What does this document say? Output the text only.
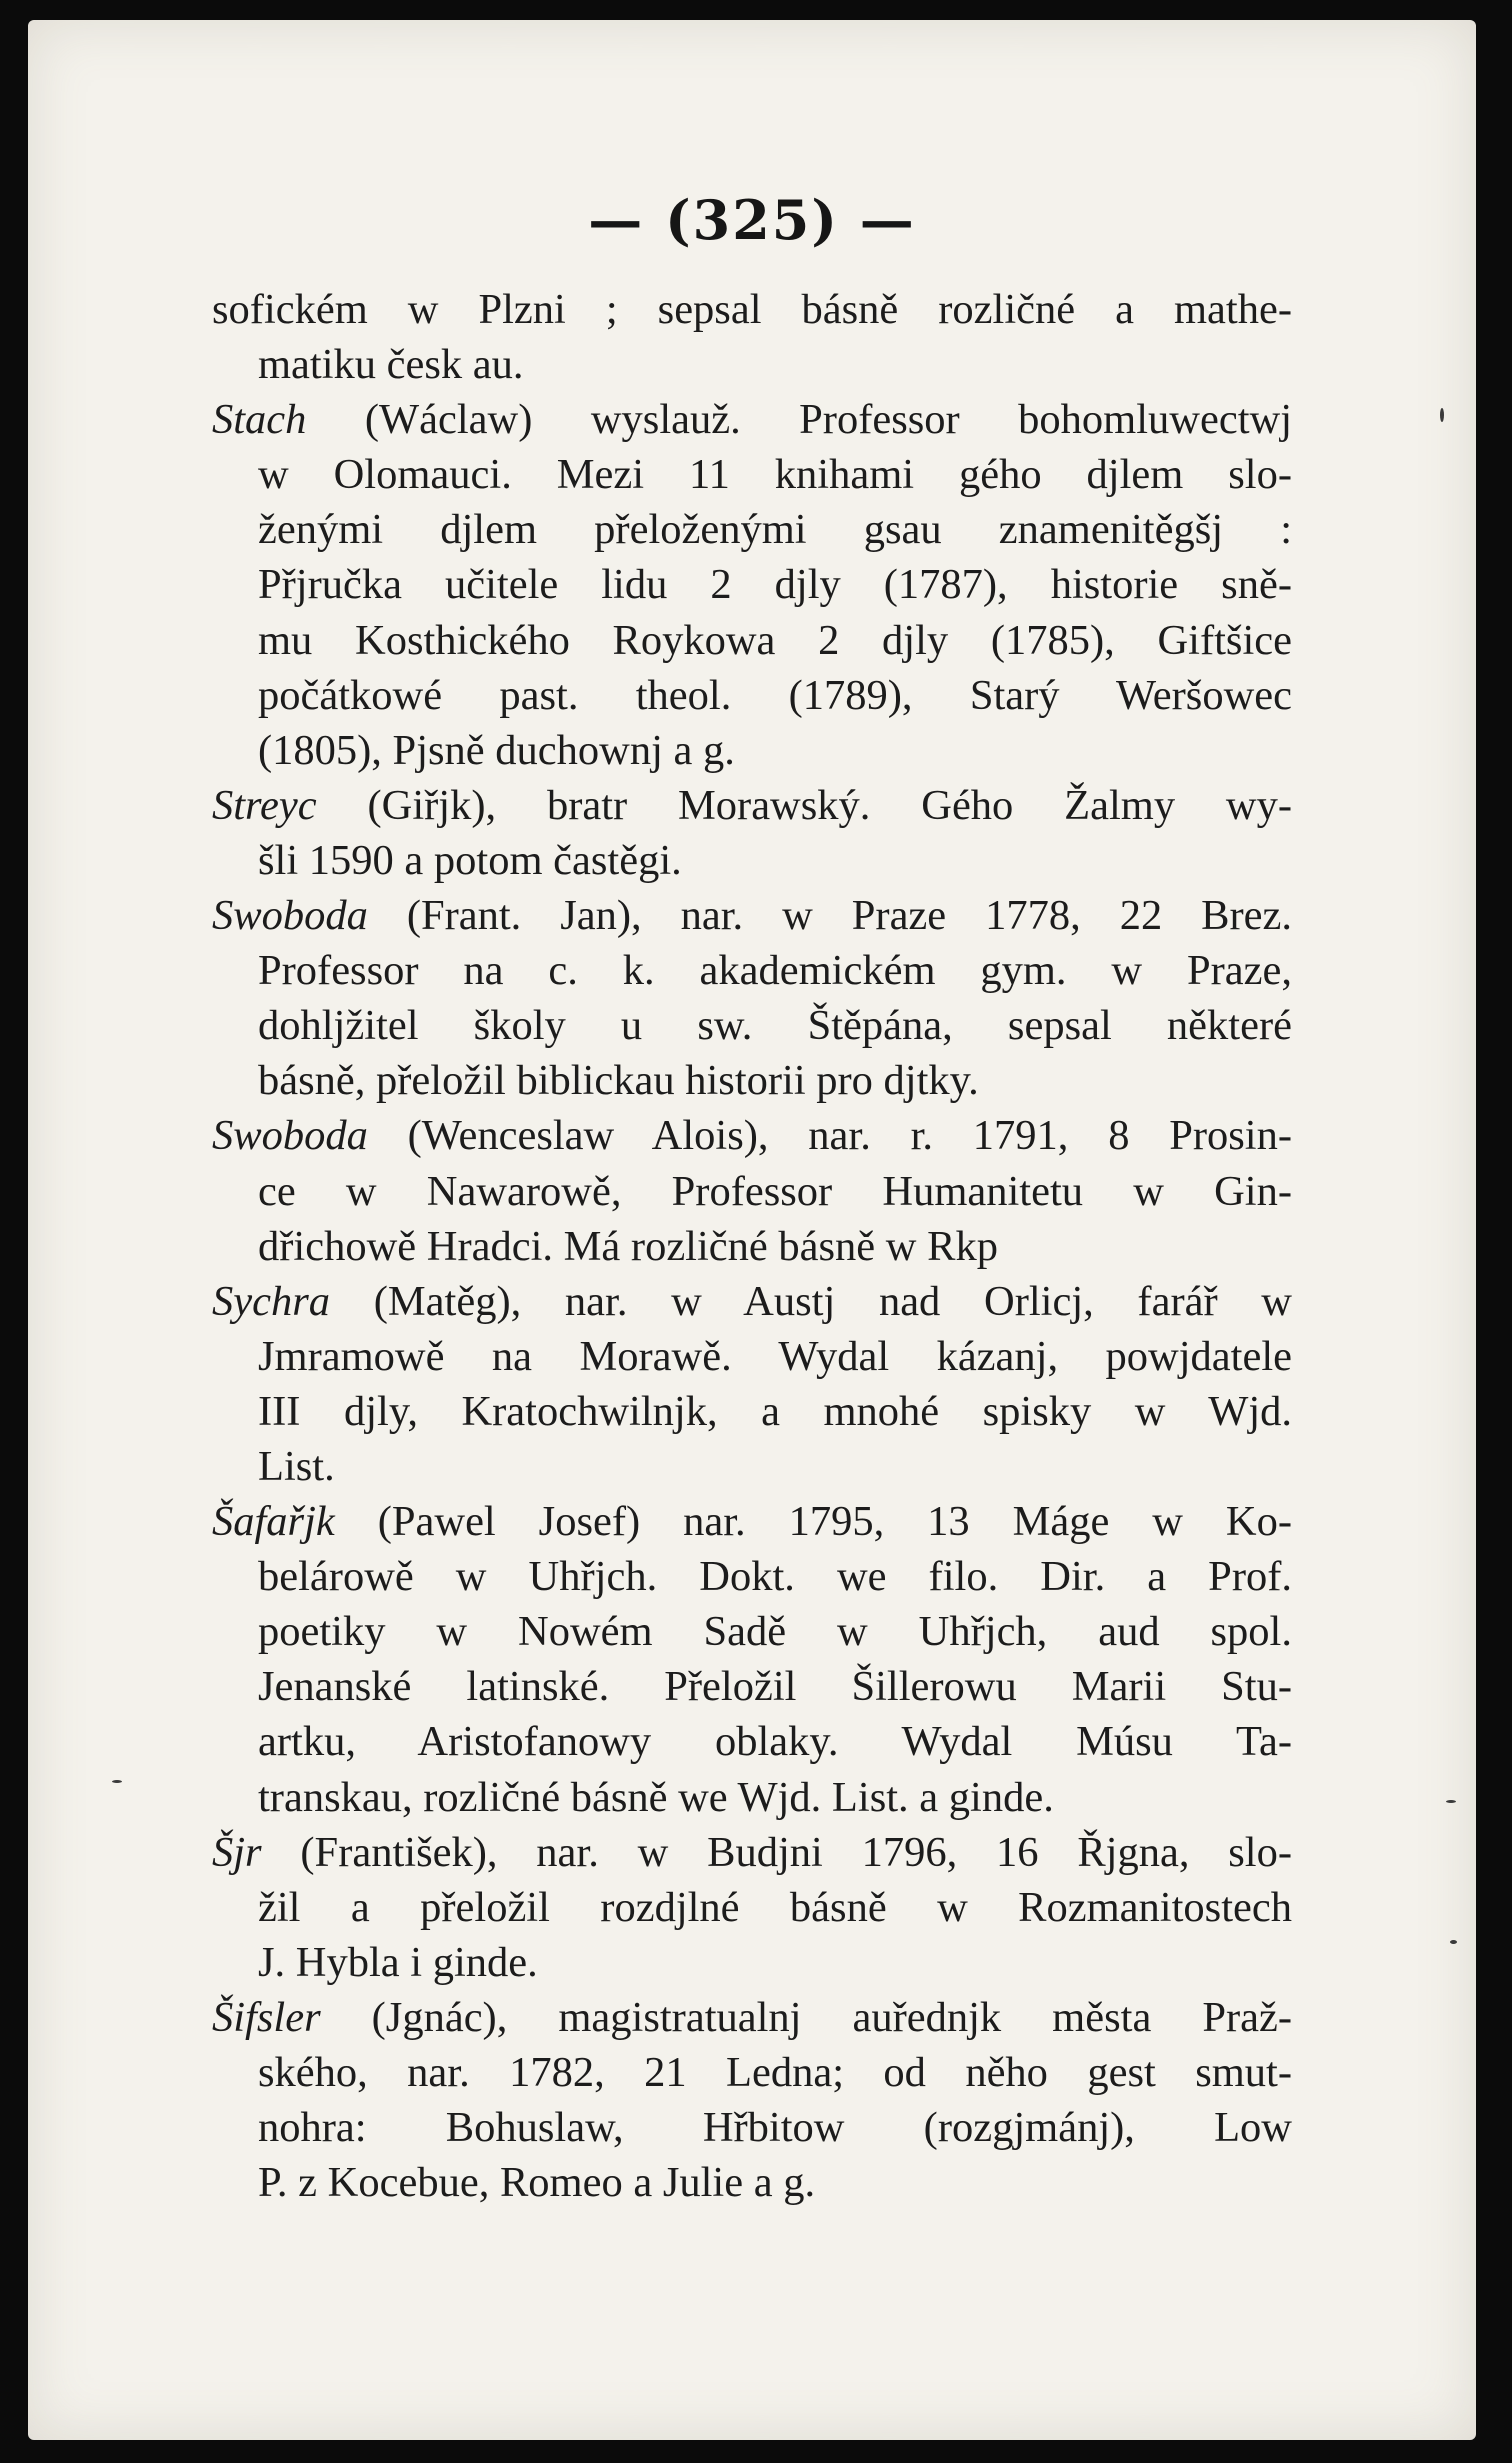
— (325) —
sofickém w Plzni ; sepsal básně rozličné a mathe-
matiku česk au.
Stach (Wáclaw) wyslauž. Professor bohomluwectwj
w Olomauci. Mezi 11 knihami gého djlem slo-
ženými djlem přeloženými gsau znamenitěgšj :
Přjručka učitele lidu 2 djly (1787), historie sně-
mu Kosthického Roykowa 2 djly (1785), Giftšice
počátkowé past. theol. (1789), Starý Weršowec
(1805), Pjsně duchownj a g.
Streyc (Giřjk), bratr Morawský. Gého Žalmy wy-
šli 1590 a potom častěgi.
Swoboda (Frant. Jan), nar. w Praze 1778, 22 Brez.
Professor na c. k. akademickém gym. w Praze,
dohljžitel školy u sw. Štěpána, sepsal některé
básně, přeložil biblickau historii pro djtky.
Swoboda (Wenceslaw Alois), nar. r. 1791, 8 Prosin-
ce w Nawarowě, Professor Humanitetu w Gin-
dřichowě Hradci. Má rozličné básně w Rkp
Sychra (Matěg), nar. w Austj nad Orlicj, farář w
Jmramowě na Morawě. Wydal kázanj, powjdatele
III djly, Kratochwilnjk, a mnohé spisky w Wjd.
List.
Šafařjk (Pawel Josef) nar. 1795, 13 Máge w Ko-
belárowě w Uhřjch. Dokt. we filo. Dir. a Prof.
poetiky w Nowém Sadě w Uhřjch, aud spol.
Jenanské latinské. Přeložil Šillerowu Marii Stu-
artku, Aristofanowy oblaky. Wydal Músu Ta-
transkau, rozličné básně we Wjd. List. a ginde.
Šjr (František), nar. w Budjni 1796, 16 Řjgna, slo-
žil a přeložil rozdjlné básně w Rozmanitostech
J. Hybla i ginde.
Šifsler (Jgnác), magistratualnj auřednjk města Praž-
ského, nar. 1782, 21 Ledna; od něho gest smut-
nohra: Bohuslaw, Hřbitow (rozgjmánj), Low
P. z Kocebue, Romeo a Julie a g.
